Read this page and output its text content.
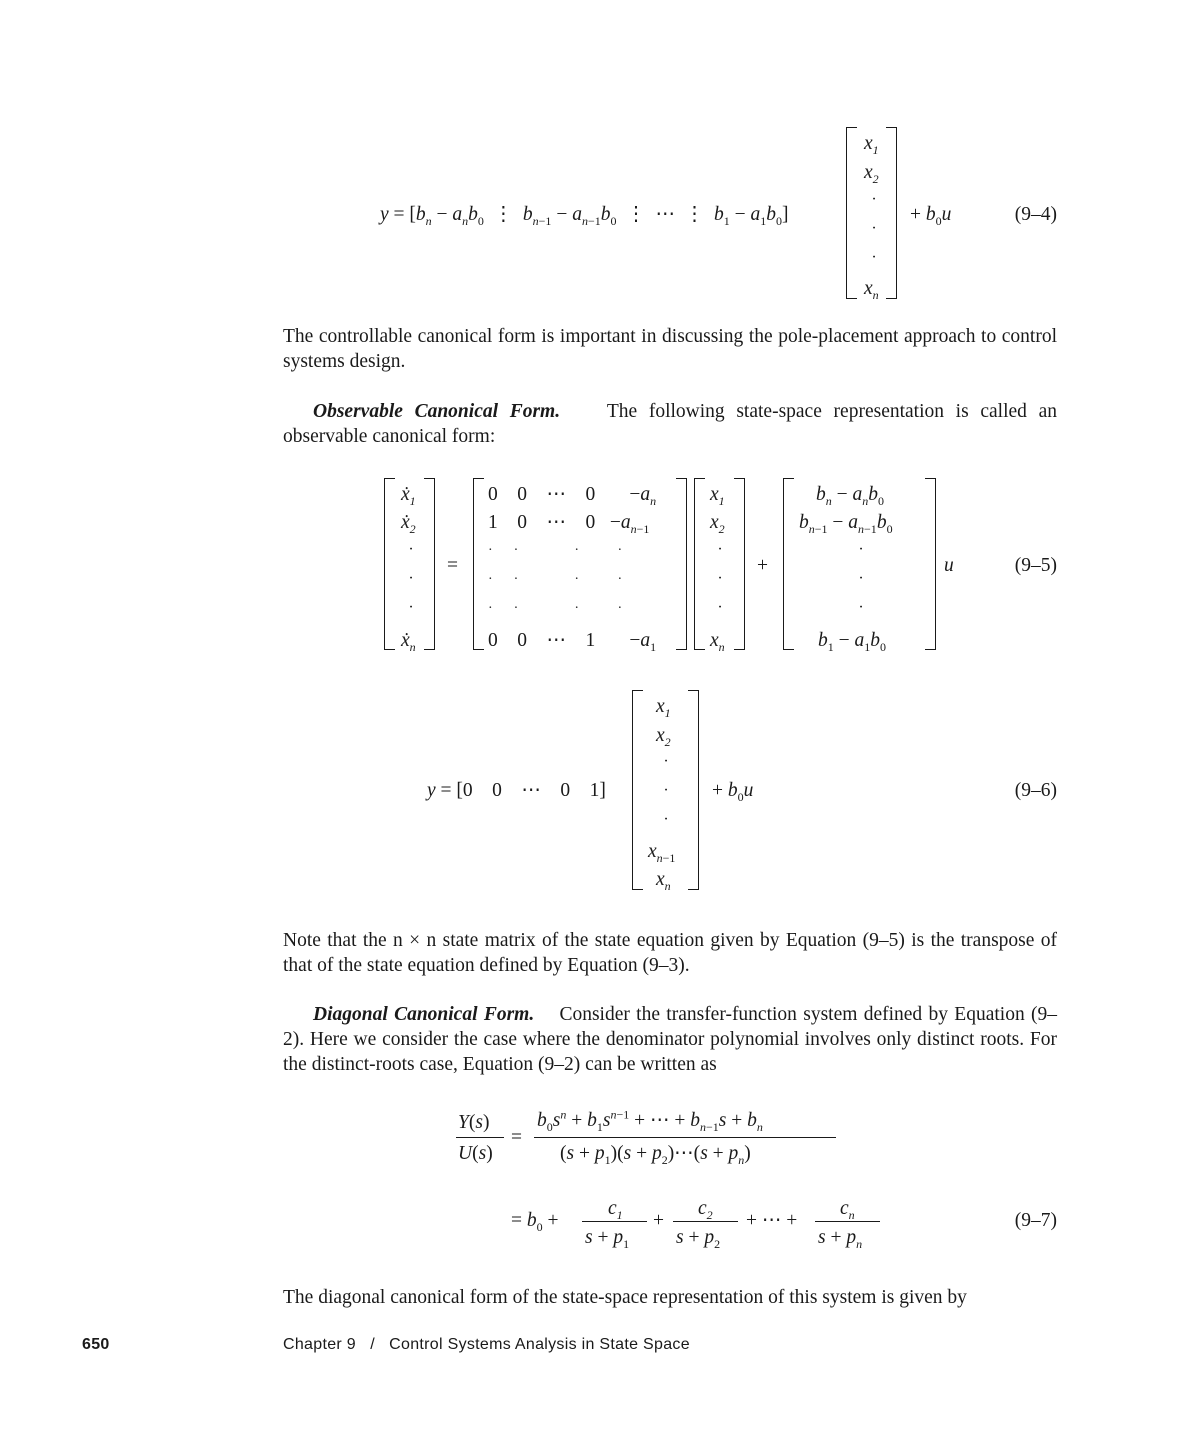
$y = [b_n - a_nb_0$  ⋮  $b_{n-1} - a_{n-1}b_0$  ⋮  ⋯  ⋮  $b_1 - a_1b_0$]
$x_1$
$x_2$
·
·
·
$x_n$
+ $b_0u$	(9–4)
The controllable canonical form is important in discussing the pole-placement approach to control systems design.
Observable Canonical Form. The following state-space representation is called an observable canonical form:
ẋ$_1$
ẋ$_2$
·
·
·
ẋ$_n$
=
0    0    ⋯    0       $-a_n$
1    0    ⋯    $0 -a_{n-1}$
·      ·                ·           ·
·      ·                ·           ·
·      ·                ·           ·
0    0    ⋯    1       $-a_1$
$x_1$
$x_2$
·
·
·
$x_n$
+
$b_n - a_nb_0$
$b_{n-1} - a_{n-1}b_0$
·
·
·
$b_1 - a_1b_0$
u	(9–5)
y = [0    0    ⋯    0    1]
$x_1$
$x_2$
·
·
·
$x_{n-1}$
$x_n$
+ $b_0u$	(9–6)
Note that the n × n state matrix of the state equation given by Equation (9–5) is the transpose of that of the state equation defined by Equation (9–3).
Diagonal Canonical Form. Consider the transfer-function system defined by Equation (9–2). Here we consider the case where the denominator polynomial involves only distinct roots. For the distinct-roots case, Equation (9–2) can be written as
Y(s)
U(s)
=
$b_0s^n + b_1s^{n-1}$ + ⋯ + $b_{n-1}s + b_n$
$(s + p_1)(s$ + $p_2)\cdots(s + p_n)$
= $b_0$ +
$c_1$
$s + p_1$
+
$c_2$
$s + p_2$
+ ⋯ +
$c_n$
$s + p_n$
(9–7)
The diagonal canonical form of the state-space representation of this system is given by
650	Chapter 9   /   Control Systems Analysis in State Space
